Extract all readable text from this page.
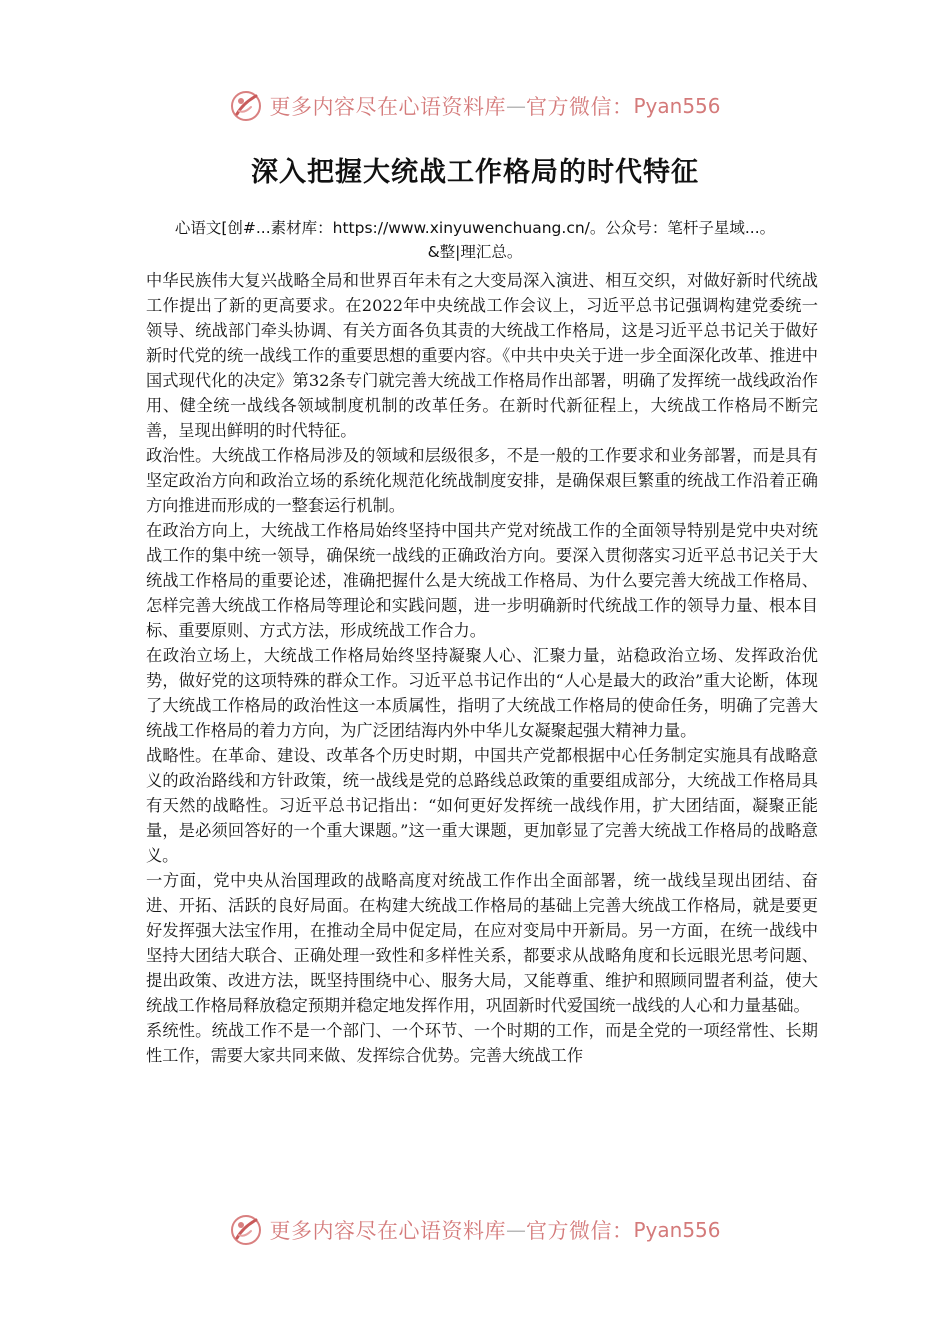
更多内容尽在心语资料库 — 官方微信： Pyan556
深入把握大统战工作格局的时代特征
心语文[创#...素材库：https://www.xinyuwenchuang.cn/。公众号：笔杆子星域...。
&整|理汇总。

中华民族伟大复兴战略全局和世界百年未有之大变局深入演进、相互交织，对做好新时代统战工作提出了新的更高要求。在2022年中央统战工作会议上，习近平总书记强调构建党委统一领导、统战部门牵头协调、有关方面各负其责的大统战工作格局，这是习近平总书记关于做好新时代党的统一战线工作的重要思想的重要内容。《中共中央关于进一步全面深化改革、推进中国式现代化的决定》第32条专门就完善大统战工作格局作出部署，明确了发挥统一战线政治作用、健全统一战线各领域制度机制的改革任务。在新时代新征程上，大统战工作格局不断完善，呈现出鲜明的时代特征。

政治性。大统战工作格局涉及的领域和层级很多，不是一般的工作要求和业务部署，而是具有坚定政治方向和政治立场的系统化规范化统战制度安排，是确保艰巨繁重的统战工作沿着正确方向推进而形成的一整套运行机制。

在政治方向上，大统战工作格局始终坚持中国共产党对统战工作的全面领导特别是党中央对统战工作的集中统一领导，确保统一战线的正确政治方向。要深入贯彻落实习近平总书记关于大统战工作格局的重要论述，准确把握什么是大统战工作格局、为什么要完善大统战工作格局、怎样完善大统战工作格局等理论和实践问题，进一步明确新时代统战工作的领导力量、根本目标、重要原则、方式方法，形成统战工作合力。

在政治立场上，大统战工作格局始终坚持凝聚人心、汇聚力量，站稳政治立场、发挥政治优势，做好党的这项特殊的群众工作。习近平总书记作出的“人心是最大的政治”重大论断，体现了大统战工作格局的政治性这一本质属性，指明了大统战工作格局的使命任务，明确了完善大统战工作格局的着力方向，为广泛团结海内外中华儿女凝聚起强大精神力量。

战略性。在革命、建设、改革各个历史时期，中国共产党都根据中心任务制定实施具有战略意义的政治路线和方针政策，统一战线是党的总路线总政策的重要组成部分，大统战工作格局具有天然的战略性。习近平总书记指出：“如何更好发挥统一战线作用，扩大团结面，凝聚正能量，是必须回答好的一个重大课题。”这一重大课题，更加彰显了完善大统战工作格局的战略意义。

一方面，党中央从治国理政的战略高度对统战工作作出全面部署，统一战线呈现出团结、奋进、开拓、活跃的良好局面。在构建大统战工作格局的基础上完善大统战工作格局，就是要更好发挥强大法宝作用，在推动全局中促定局，在应对变局中开新局。另一方面，在统一战线中坚持大团结大联合、正确处理一致性和多样性关系，都要求从战略角度和长远眼光思考问题、提出政策、改进方法，既坚持围绕中心、服务大局，又能尊重、维护和照顾同盟者利益，使大统战工作格局释放稳定预期并稳定地发挥作用，巩固新时代爱国统一战线的人心和力量基础。

系统性。统战工作不是一个部门、一个环节、一个时期的工作，而是全党的一项经常性、长期性工作，需要大家共同来做、发挥综合优势。完善大统战工作

更多内容尽在心语资料库 — 官方微信： Pyan556
